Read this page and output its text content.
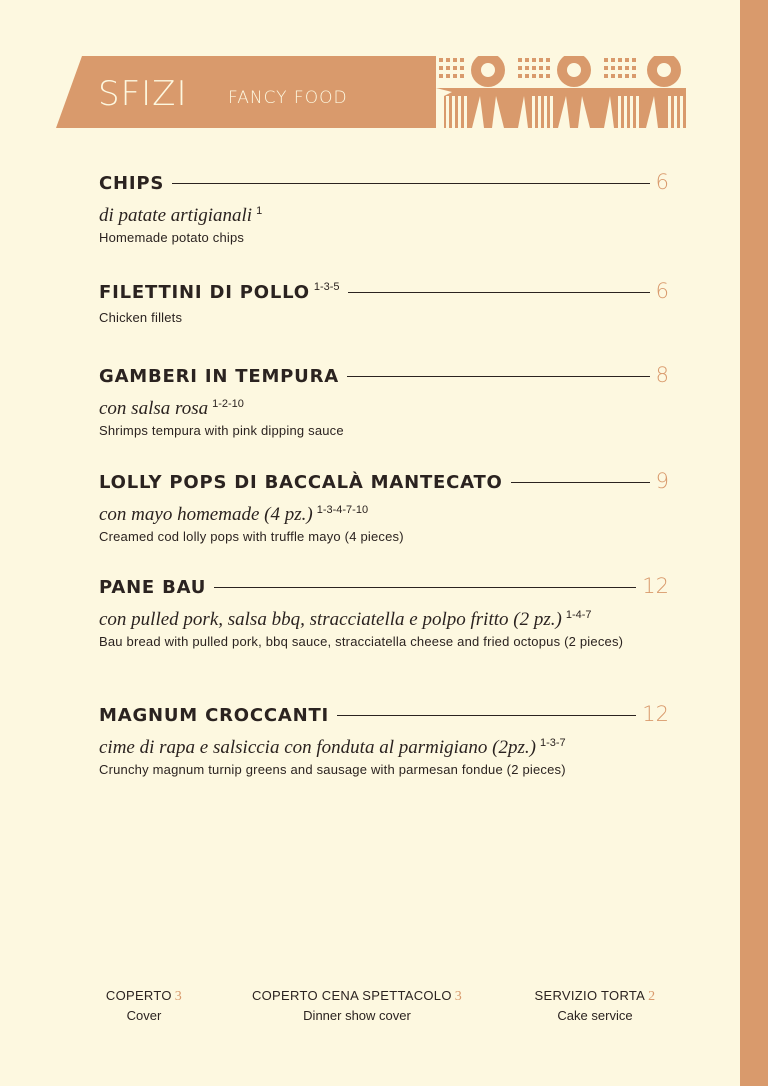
SFIZI FANCY FOOD
CHIPS	6
di patate artigianali $^1$
Homemade potato chips
FILETTINI DI POLLO $^{1-3-5}$	6
Chicken fillets
GAMBERI IN TEMPURA	8
con salsa rosa $^{1-2-10}$
Shrimps tempura with pink dipping sauce
LOLLY POPS DI BACCALÀ MANTECATO	9
con mayo homemade (4 pz.) $^{1-3-4-7-10}$
Creamed cod lolly pops with truffle mayo (4 pieces)
PANE BAU	12
con pulled pork, salsa bbq, stracciatella e polpo fritto (2 pz.) $^{1-4-7}$
Bau bread with pulled pork, bbq sauce, stracciatella cheese and fried octopus (2 pieces)
MAGNUM CROCCANTI	12
cime di rapa e salsiccia con fonduta al parmigiano (2pz.) $^{1-3-7}$
Crunchy magnum turnip greens and sausage with parmesan fondue (2 pieces)
COPERTO 3
Cover
COPERTO CENA SPETTACOLO 3
Dinner show cover
SERVIZIO TORTA 2
Cake service
